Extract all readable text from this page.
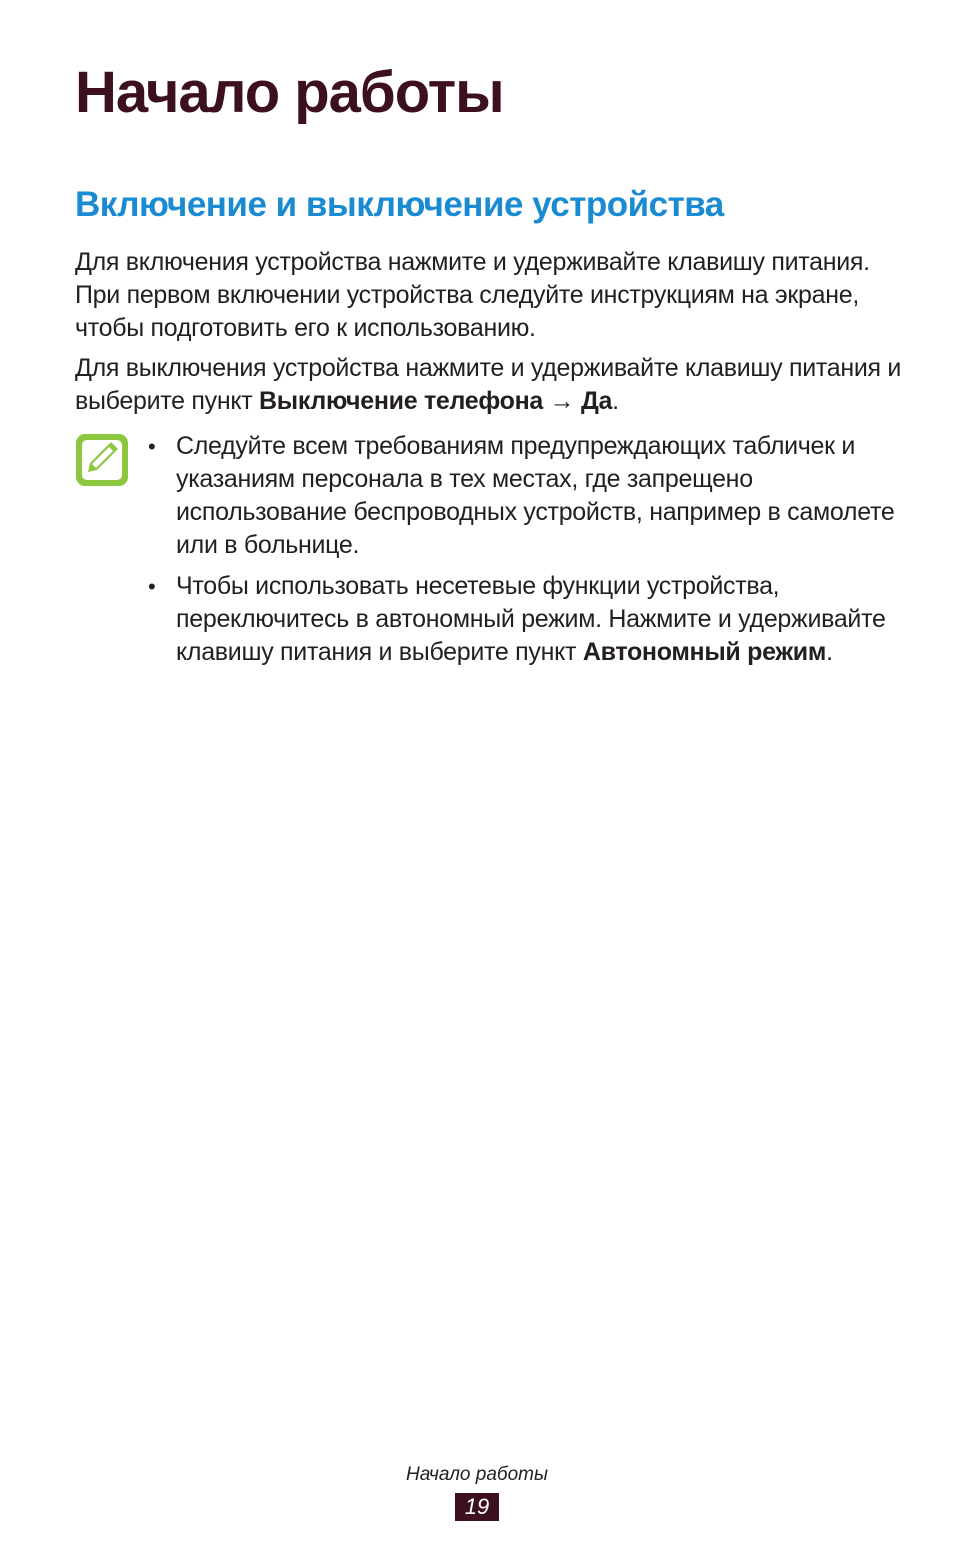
Начало работы
Включение и выключение устройства

Для включения устройства нажмите и удерживайте клавишу питания. При первом включении устройства следуйте инструкциям на экране, чтобы подготовить его к использованию.

Для выключения устройства нажмите и удерживайте клавишу питания и выберите пункт Выключение телефона → Да.

• Следуйте всем требованиям предупреждающих табличек и указаниям персонала в тех местах, где запрещено использование беспроводных устройств, например в самолете или в больнице.
• Чтобы использовать несетевые функции устройства, переключитесь в автономный режим. Нажмите и удерживайте клавишу питания и выберите пункт Автономный режим.
Начало работы
19
